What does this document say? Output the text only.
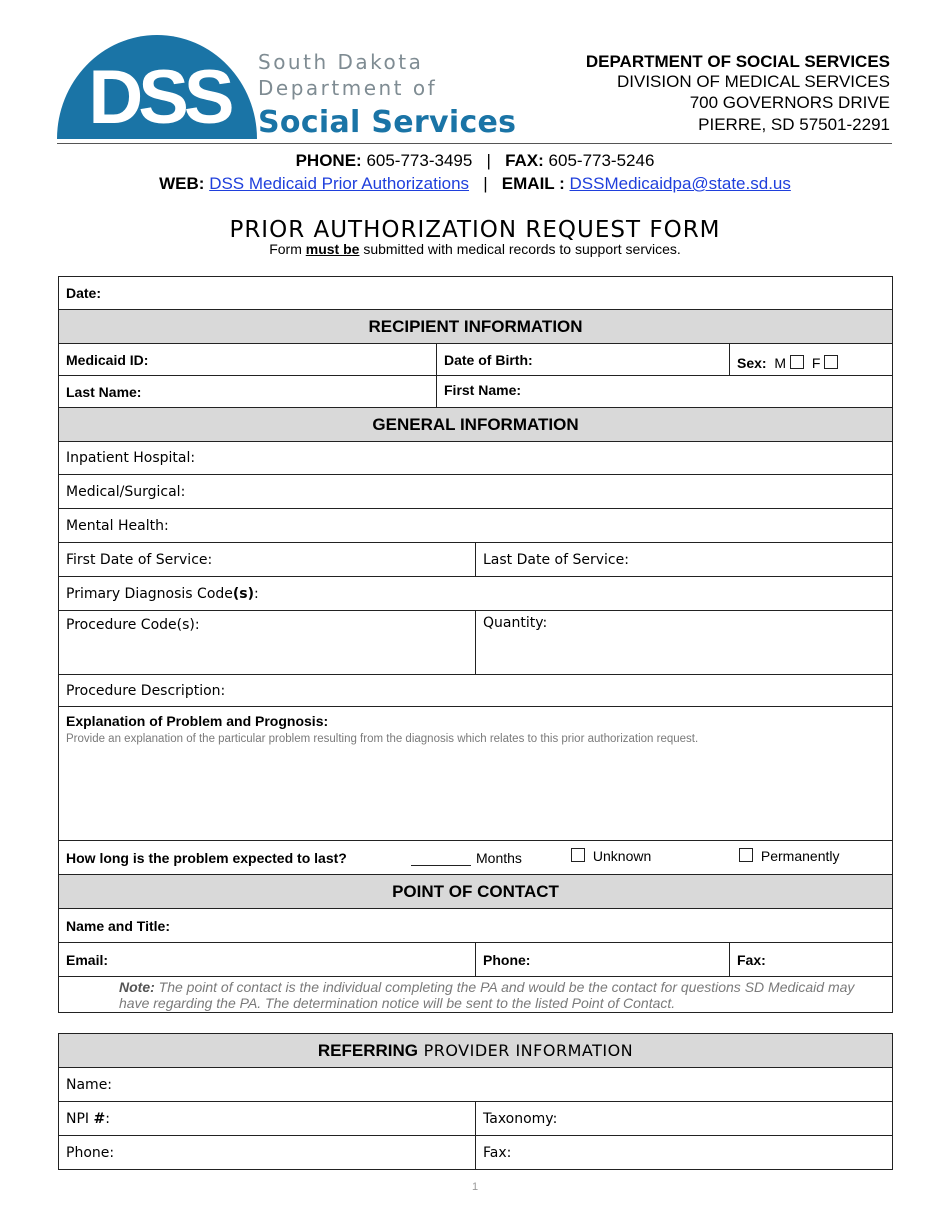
DSS South Dakota
Department of
Social Services
DEPARTMENT OF SOCIAL SERVICES
DIVISION OF MEDICAL SERVICES
700 GOVERNORS DRIVE
PIERRE, SD 57501-2291
PHONE: 605-773-3495 | FAX: 605-773-5246
WEB: DSS Medicaid Prior Authorizations | EMAIL : DSSMedicaidpa@state.sd.us
PRIOR AUTHORIZATION REQUEST FORM
Form must be submitted with medical records to support services.
Date:			
RECIPIENT INFORMATION			
Medicaid ID:	Date of Birth:		Sex: M F
Last Name:	First Name:		
GENERAL INFORMATION			
Inpatient Hospital:			
Medical/Surgical:			
Mental Health:			
First Date of Service:		Last Date of Service:	
Primary Diagnosis Code(s):			
Procedure Code(s):		Quantity:	
Procedure Description:			

Explanation of Problem and Prognosis:
Provide an explanation of the particular problem resulting from the diagnosis which relates to this prior authorization request.			

How long is the problem expected to last? Months Unknown Permanently			

POINT OF CONTACT			
Name and Title:			
Email:		Phone:	Fax:
Note: The point of contact is the individual completing the PA and would be the contact for questions SD Medicaid may have regarding the PA. The determination notice will be sent to the listed Point of Contact.			
REFERRING PROVIDER INFORMATION	
Name:	
NPI #:	Taxonomy:
Phone:	Fax:
1
